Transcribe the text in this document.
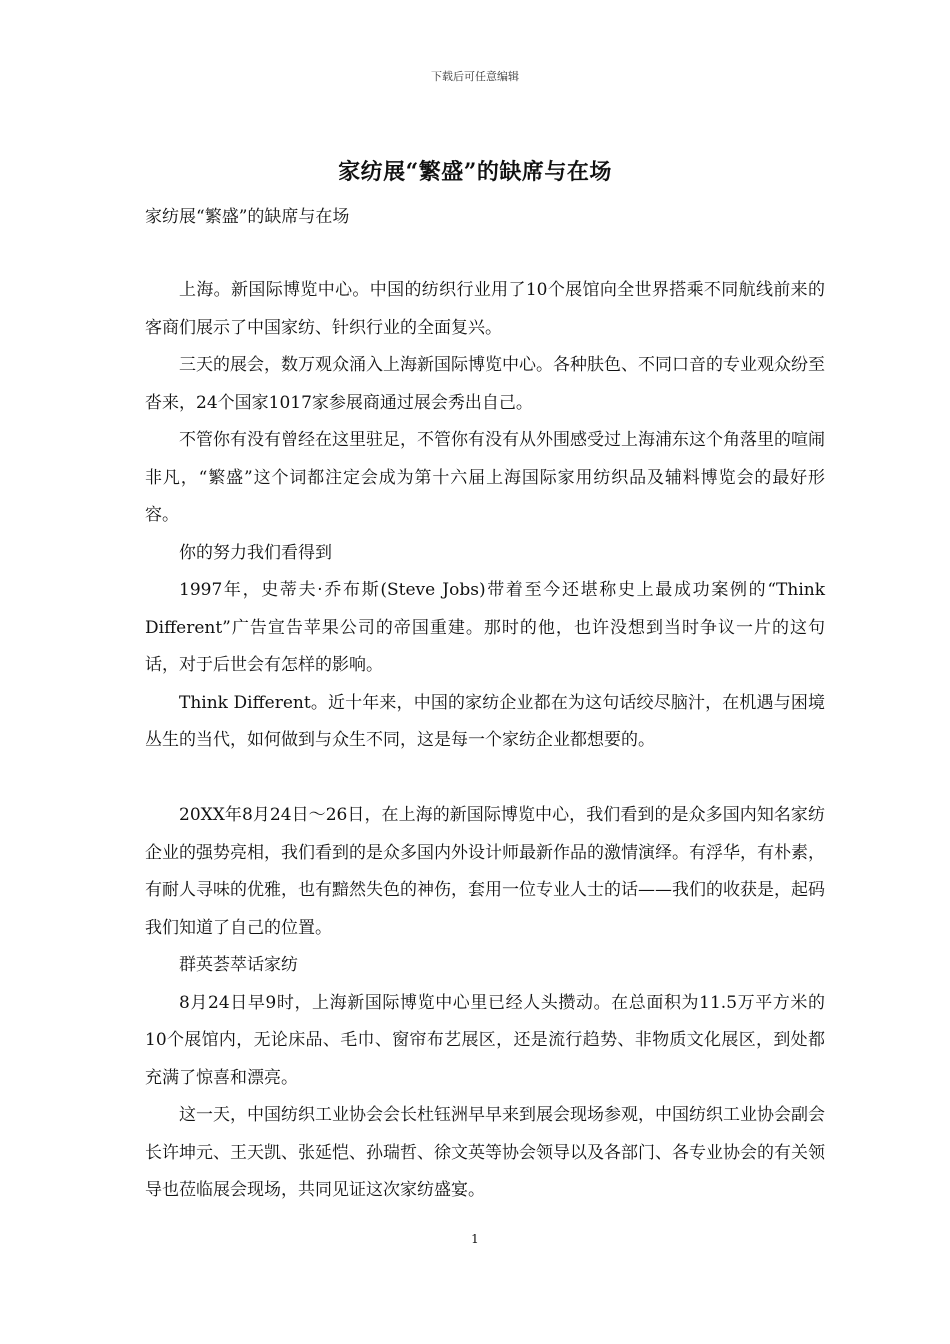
下载后可任意编辑
家纺展“繁盛”的缺席与在场
家纺展“繁盛”的缺席与在场

上海。新国际博览中心。中国的纺织行业用了10个展馆向全世界搭乘不同航线前来的客商们展示了中国家纺、针织行业的全面复兴。

三天的展会，数万观众涌入上海新国际博览中心。各种肤色、不同口音的专业观众纷至沓来，24个国家1017家参展商通过展会秀出自己。

不管你有没有曾经在这里驻足，不管你有没有从外围感受过上海浦东这个角落里的喧闹非凡，“繁盛”这个词都注定会成为第十六届上海国际家用纺织品及辅料博览会的最好形容。

你的努力我们看得到

1997年，史蒂夫·乔布斯(Steve Jobs)带着至今还堪称史上最成功案例的“Think Different”广告宣告苹果公司的帝国重建。那时的他，也许没想到当时争议一片的这句话，对于后世会有怎样的影响。

Think Different。近十年来，中国的家纺企业都在为这句话绞尽脑汁，在机遇与困境丛生的当代，如何做到与众生不同，这是每一个家纺企业都想要的。

20XX年8月24日～26日，在上海的新国际博览中心，我们看到的是众多国内知名家纺企业的强势亮相，我们看到的是众多国内外设计师最新作品的激情演绎。有浮华，有朴素，有耐人寻味的优雅，也有黯然失色的神伤，套用一位专业人士的话——我们的收获是，起码我们知道了自己的位置。

群英荟萃话家纺

8月24日早9时，上海新国际博览中心里已经人头攒动。在总面积为11.5万平方米的10个展馆内，无论床品、毛巾、窗帘布艺展区，还是流行趋势、非物质文化展区，到处都充满了惊喜和漂亮。

这一天，中国纺织工业协会会长杜钰洲早早来到展会现场参观，中国纺织工业协会副会长许坤元、王天凯、张延恺、孙瑞哲、徐文英等协会领导以及各部门、各专业协会的有关领导也莅临展会现场，共同见证这次家纺盛宴。

1
